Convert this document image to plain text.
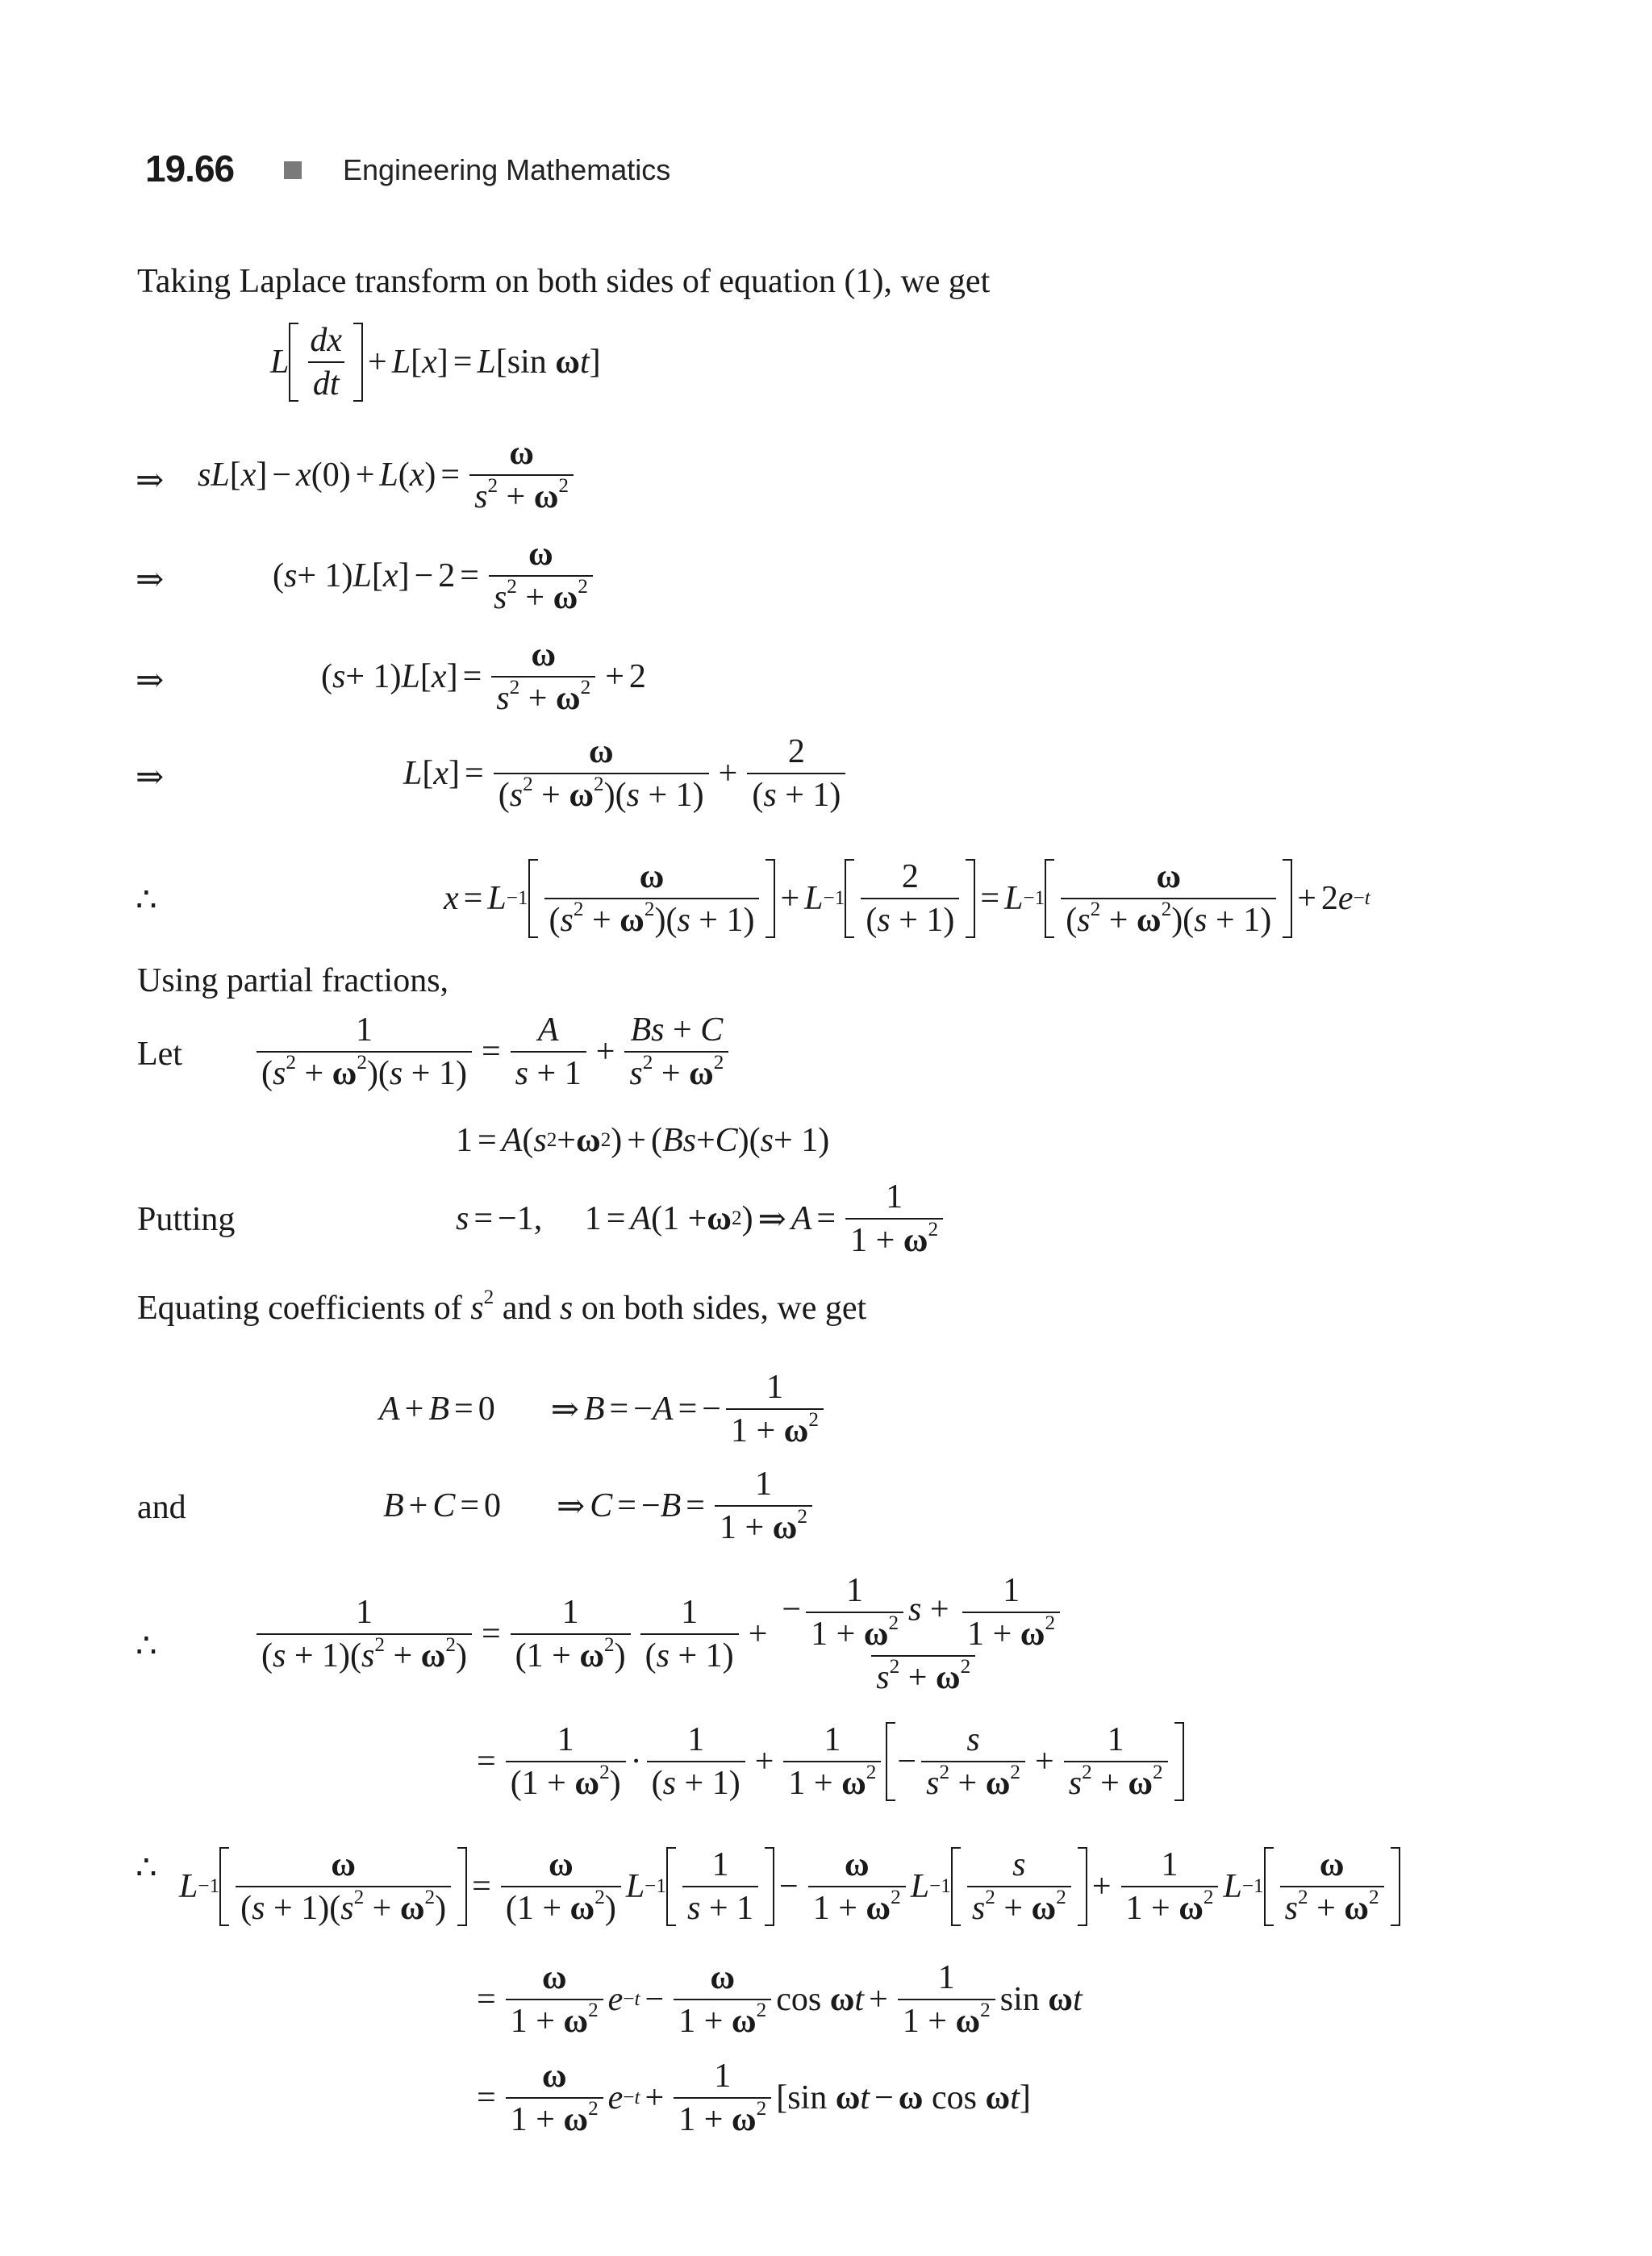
19.66	Engineering Mathematics
Taking Laplace transform on both sides of equation (1), we get
L $\frac{dx}{dt} + L$ [ x ] = L [sin ω t ]
⇒ sL [ x ] − x (0) + L ( x ) = $\frac{\omega}{s^2 + \omega^2}$
⇒	( s + 1) L [ x ] − $2 = \frac{\omega}{s^2 + \omega^2}$
⇒	( s + 1) L [ x ] = $\frac{\omega}{s^2 + \omega^2} + 2$
⇒	L [ x ] = $\frac{\omega}{(s^2 + \omega^2)(s + 1)} + \frac{2}{(s + 1)}$
∴	$x = L -1 \frac{\omega}{(s^2 + \omega^2)(s + 1)} + L -1 \frac{2}{(s + 1)} = L -1 \frac{\omega}{(s^2 + \omega^2)(s + 1)} + 2$ e −t
Using partial fractions,
Let $\frac{1}{(s^2 + \omega^2)(s + 1)} = \frac{A}{s + 1} + \frac{Bs + C}{s^2 + \omega^2}$
1 = A ( s 2 + ω 2 ) + ( Bs + C )( s + 1)
Putting	s = −1,     1 = A (1 + ω 2 ) ⇒ $A = \frac{1}{1 + \omega^2}$
Equating coefficients of $s^2$ and s on both sides, we get
A + B = 0 ⇒ B = − A = − $\frac{1}{1 + \omega^2}$
and	B + C = 0 ⇒ C = − $B = \frac{1}{1 + \omega^2}$
∴	$\frac{1}{(s + 1)(s^2 + \omega^2)} = \frac{1}{(1 + \omega^2)} \frac{1}{(s + 1)} + \frac{- \frac{1}{1 + \omega^2} s + \frac{1}{1 + \omega^2}}{s^2 + \omega^2}$
= $\frac{1}{(1 + \omega^2)} \cdot \frac{1}{(s + 1)} + \frac{1}{1 + \omega^2} - \frac{s}{s^2 + \omega^2} + \frac{1}{s^2 + \omega^2}$
∴
$L -1 \frac{\omega}{(s + 1)(s^2 + \omega^2)} = \frac{\omega}{(1 + \omega^2)}$ $L -1 \frac{1}{s + 1} - \frac{\omega}{1 + \omega^2}$ $L -1 \frac{s}{s^2 + \omega^2} + \frac{1}{1 + \omega^2}$ $L -1 \frac{\omega}{s^2 + \omega^2}$
= $\frac{\omega}{1 + \omega^2}$ $e -t - \frac{\omega}{1 + \omega^2}$ cos ω $t + \frac{1}{1 + \omega^2}$ sin ω t
= $\frac{\omega}{1 + \omega^2}$ $e -t + \frac{1}{1 + \omega^2} [\sin$ ω t − ω cos ω t ]
